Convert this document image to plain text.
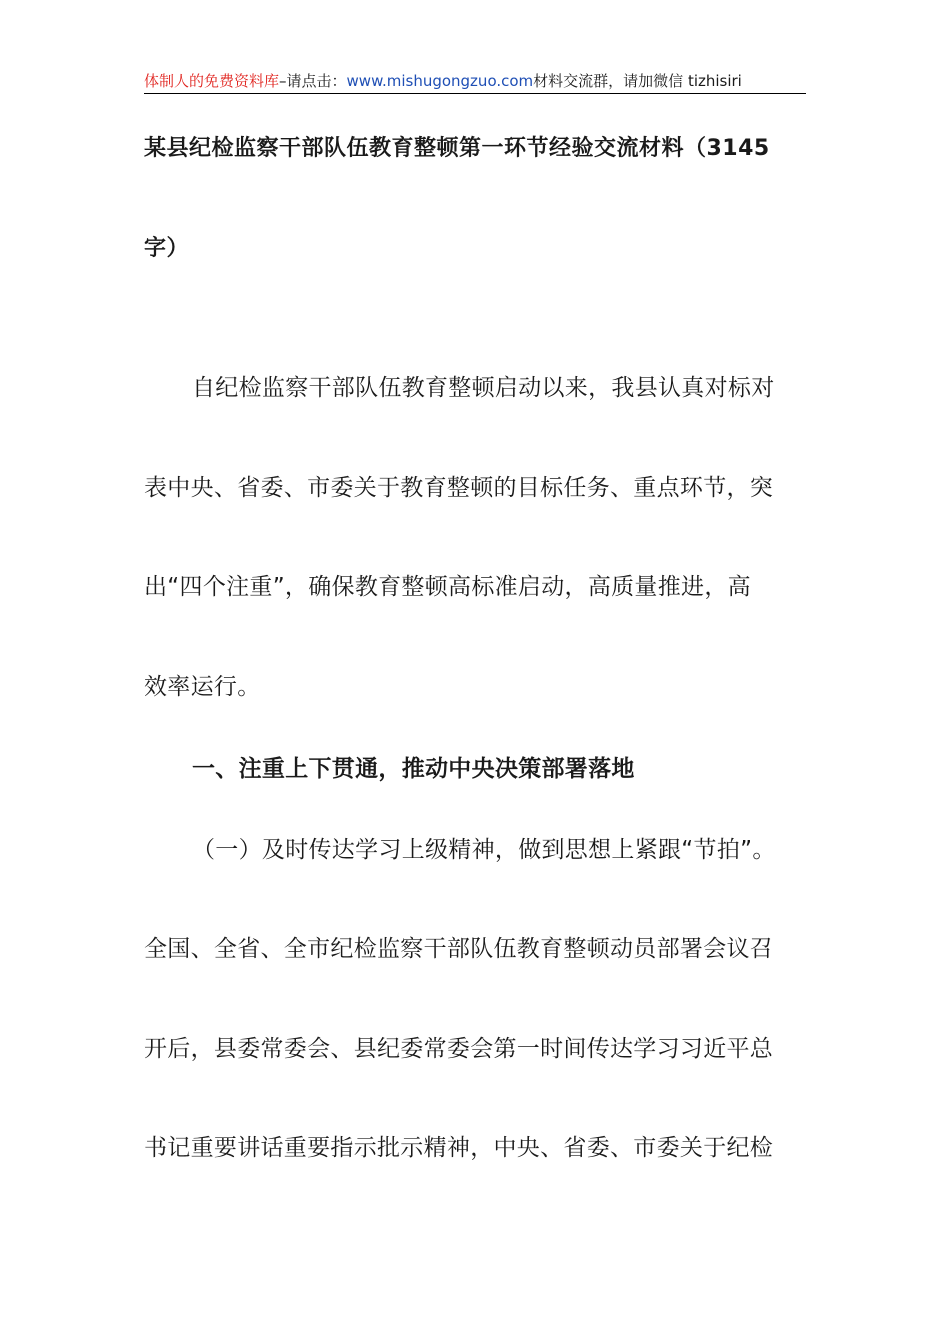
体制人的免费资料库–请点击：www.mishugongzuo.com材料交流群，请加微信 tizhisiri
某县纪检监察干部队伍教育整顿第一环节经验交流材料（3145
字）
自纪检监察干部队伍教育整顿启动以来，我县认真对标对
表中央、省委、市委关于教育整顿的目标任务、重点环节，突
出“四个注重”，确保教育整顿高标准启动，高质量推进，高
效率运行。
一、注重上下贯通，推动中央决策部署落地
（一）及时传达学习上级精神，做到思想上紧跟“节拍”。
全国、全省、全市纪检监察干部队伍教育整顿动员部署会议召
开后，县委常委会、县纪委常委会第一时间传达学习习近平总
书记重要讲话重要指示批示精神，中央、省委、市委关于纪检
